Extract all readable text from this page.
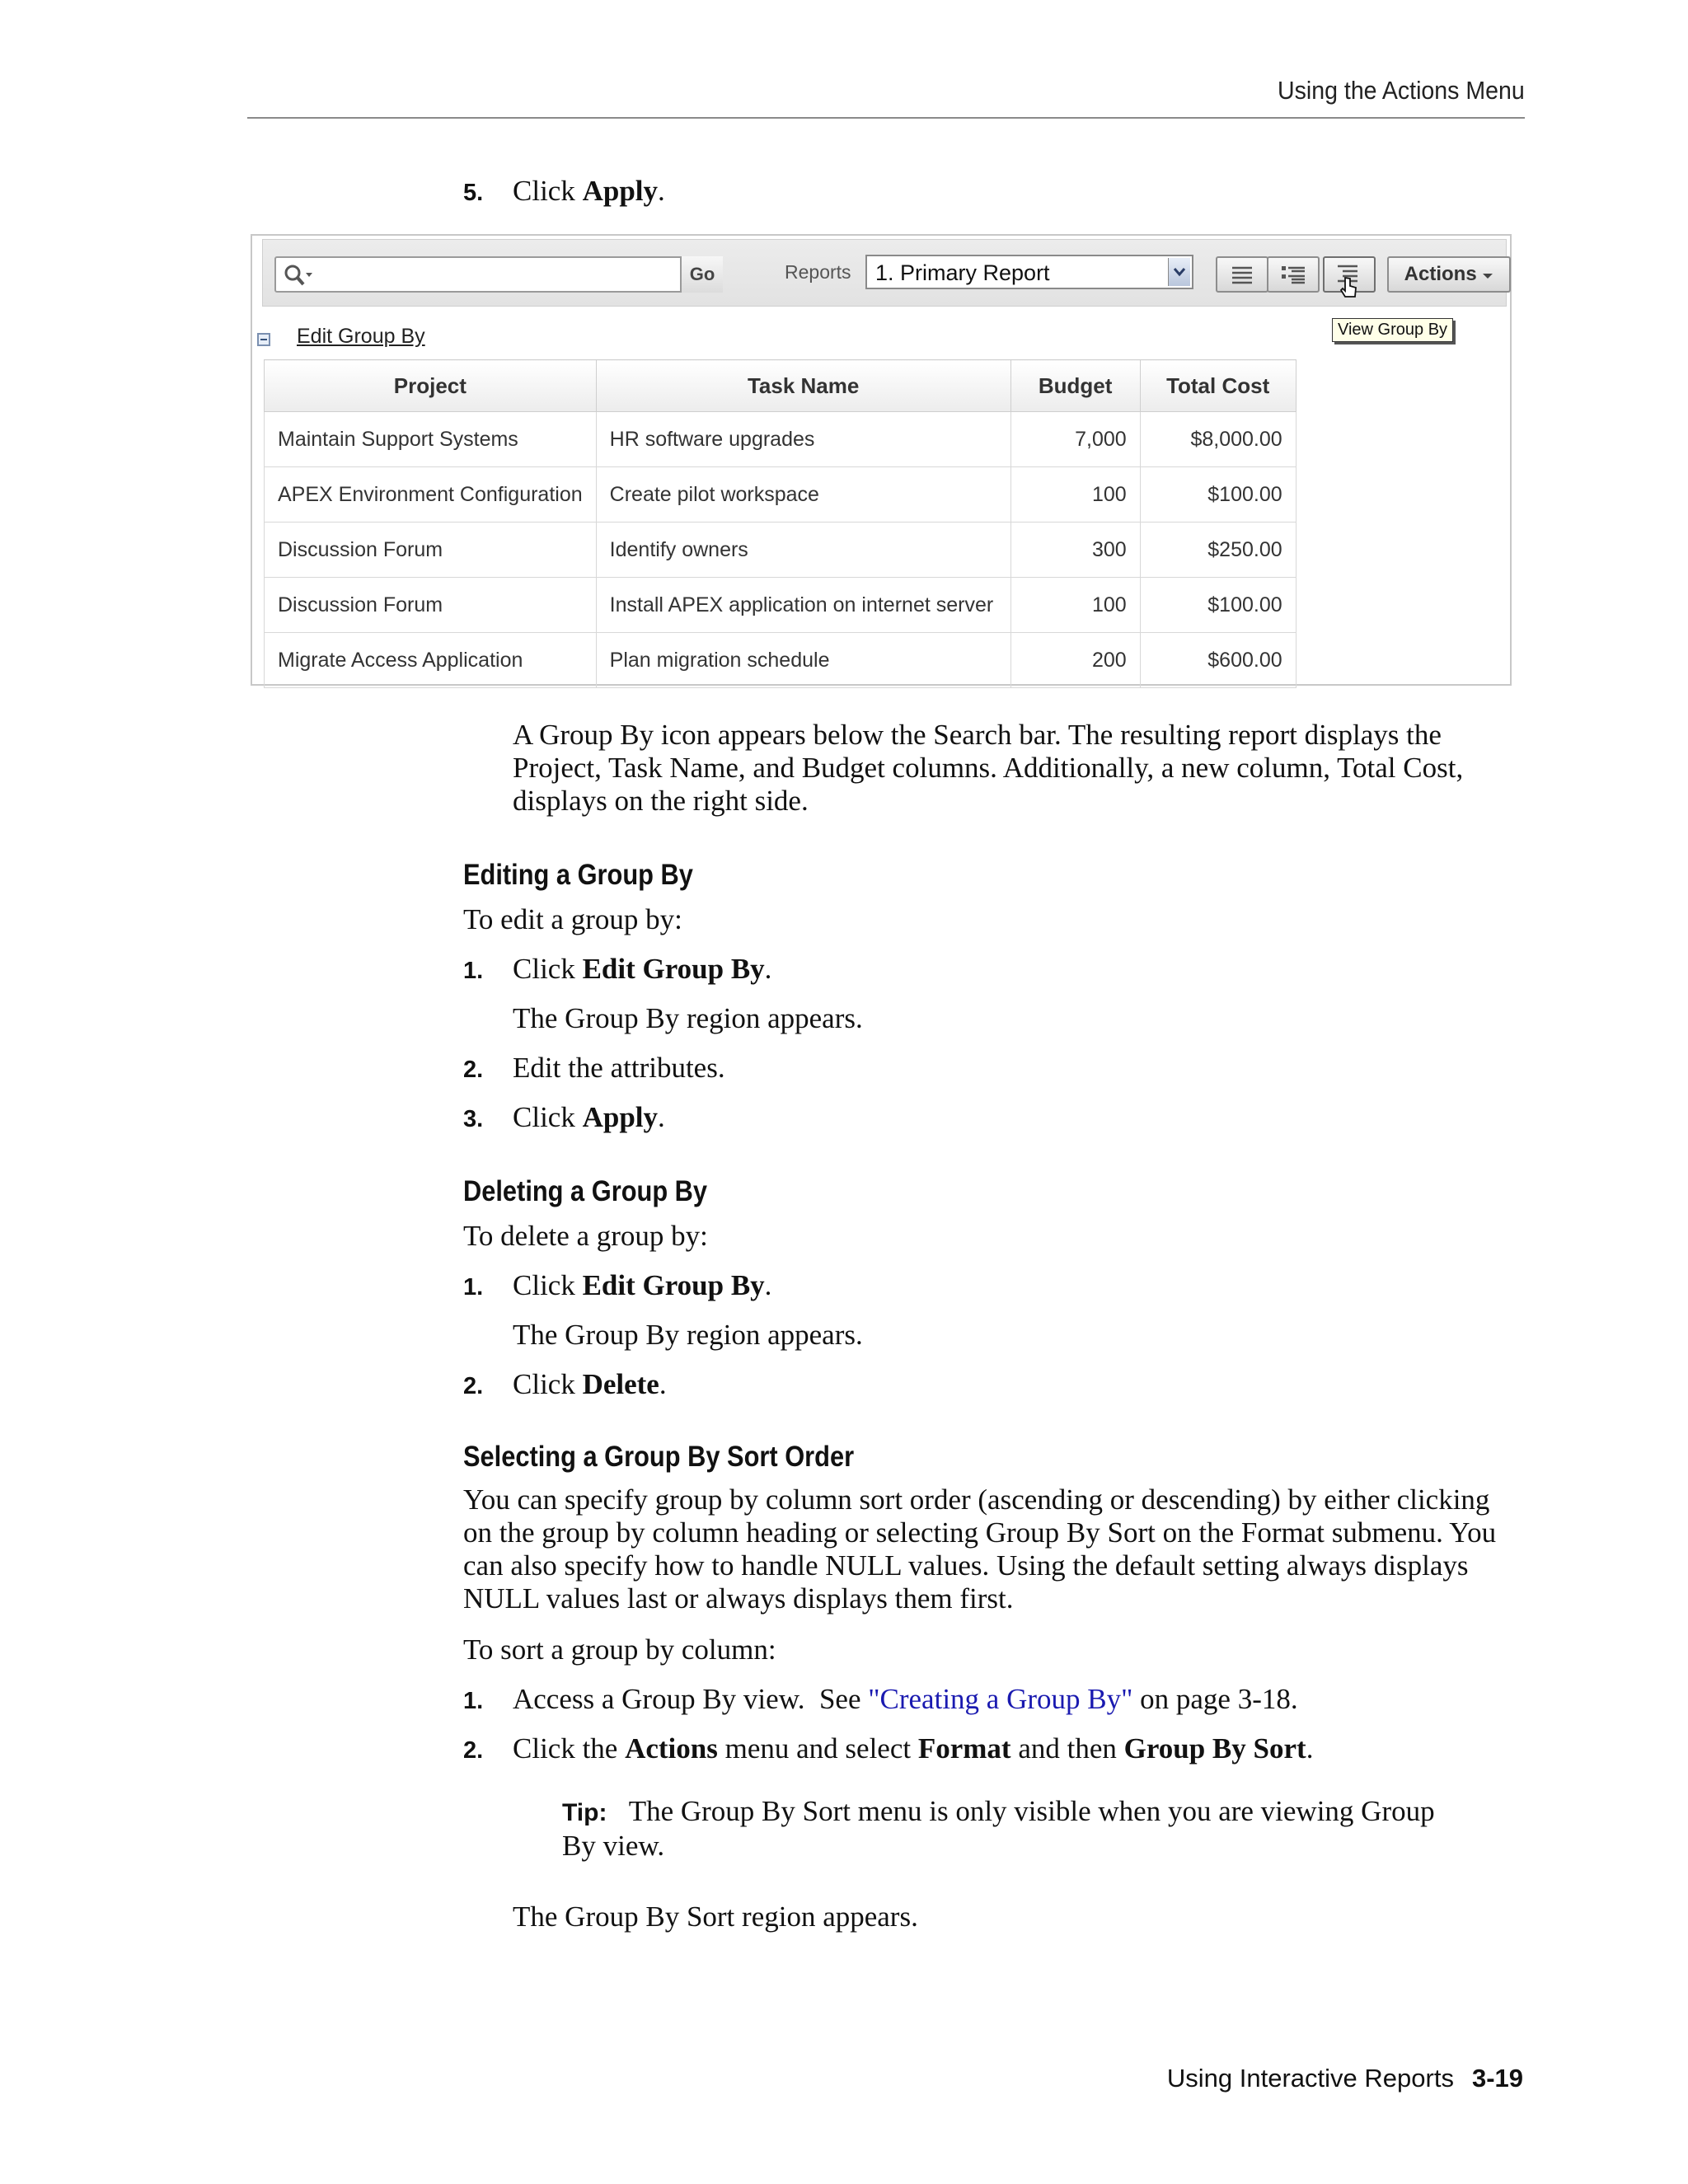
Using the Actions Menu
5. Click Apply.
Go	Reports 1. Primary Report	Actions
View Group By
Edit Group By
Project	Task Name	Budget	Total Cost
Maintain Support Systems	HR software upgrades	7,000	$8,000.00
APEX Environment Configuration	Create pilot workspace	100	$100.00
Discussion Forum	Identify owners	300	$250.00
Discussion Forum	Install APEX application on internet server	100	$100.00
Migrate Access Application	Plan migration schedule	200	$600.00

A Group By icon appears below the Search bar. The resulting report displays the Project, Task Name, and Budget columns. Additionally, a new column, Total Cost, displays on the right side.

Editing a Group By
To edit a group by:
1. Click Edit Group By.
The Group By region appears.
2. Edit the attributes.
3. Click Apply.
Deleting a Group By
To delete a group by:
1. Click Edit Group By.
The Group By region appears.
2. Click Delete.
Selecting a Group By Sort Order

You can specify group by column sort order (ascending or descending) by either clicking on the group by column heading or selecting Group By Sort on the Format submenu. You can also specify how to handle NULL values. Using the default setting always displays NULL values last or always displays them first.

To sort a group by column:
1. Access a Group By view.  See "Creating a Group By" on page 3-18.
2. Click the Actions menu and select Format and then Group By Sort.

Tip: The Group By Sort menu is only visible when you are viewing Group By view.

The Group By Sort region appears.
Using Interactive Reports 3-19
